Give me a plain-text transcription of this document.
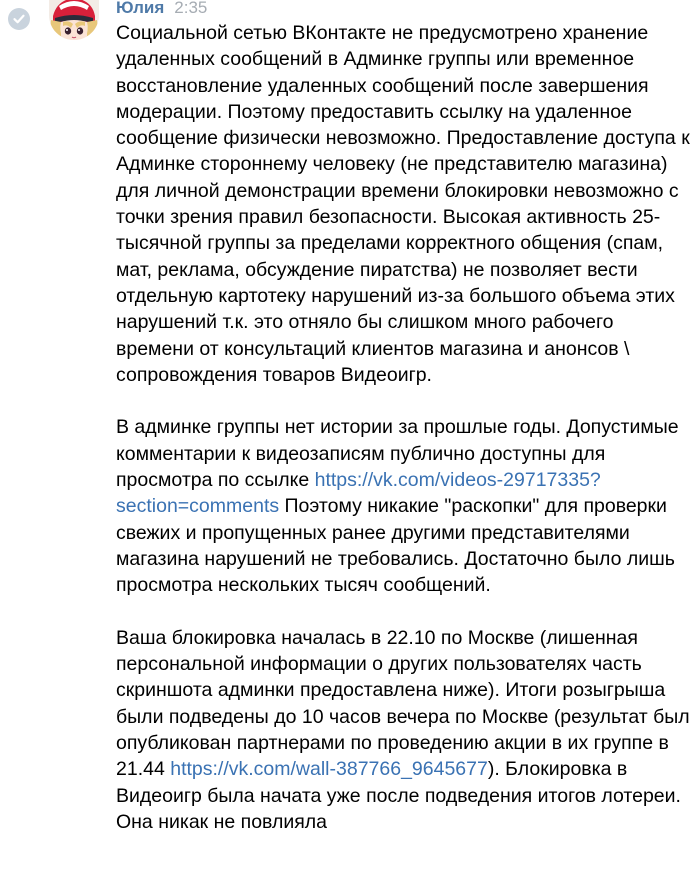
Юлия 2:35

Социальной сетью ВКонтакте не предусмотрено хранение удаленных сообщений в Админке группы или временное восстановление удаленных сообщений после завершения модерации. Поэтому предоставить ссылку на удаленное сообщение физически невозможно. Предоставление доступа к Админке стороннему человеку (не представителю магазина) для личной демонстрации времени блокировки невозможно с точки зрения правил безопасности. Высокая активность 25-тысячной группы за пределами корректного общения (спам, мат, реклама, обсуждение пиратства) не позволяет вести отдельную картотеку нарушений из-за большого объема этих нарушений т.к. это отняло бы слишком много рабочего времени от консультаций клиентов магазина и анонсов \ сопровождения товаров Видеоигр.

В админке группы нет истории за прошлые годы. Допустимые комментарии к видеозаписям публично доступны для просмотра по ссылке https://vk.com/videos-29717335?section=comments Поэтому никакие "раскопки" для проверки свежих и пропущенных ранее другими представителями магазина нарушений не требовались. Достаточно было лишь просмотра нескольких тысяч сообщений.

Ваша блокировка началась в 22.10 по Москве (лишенная персональной информации о других пользователях часть скриншота админки предоставлена ниже). Итоги розыгрыша были подведены до 10 часов вечера по Москве (результат был опубликован партнерами по проведению акции в их группе в 21.44 https://vk.com/wall-387766_9645677). Блокировка в Видеоигр была начата уже после подведения итогов лотереи. Она никак не повлияла
